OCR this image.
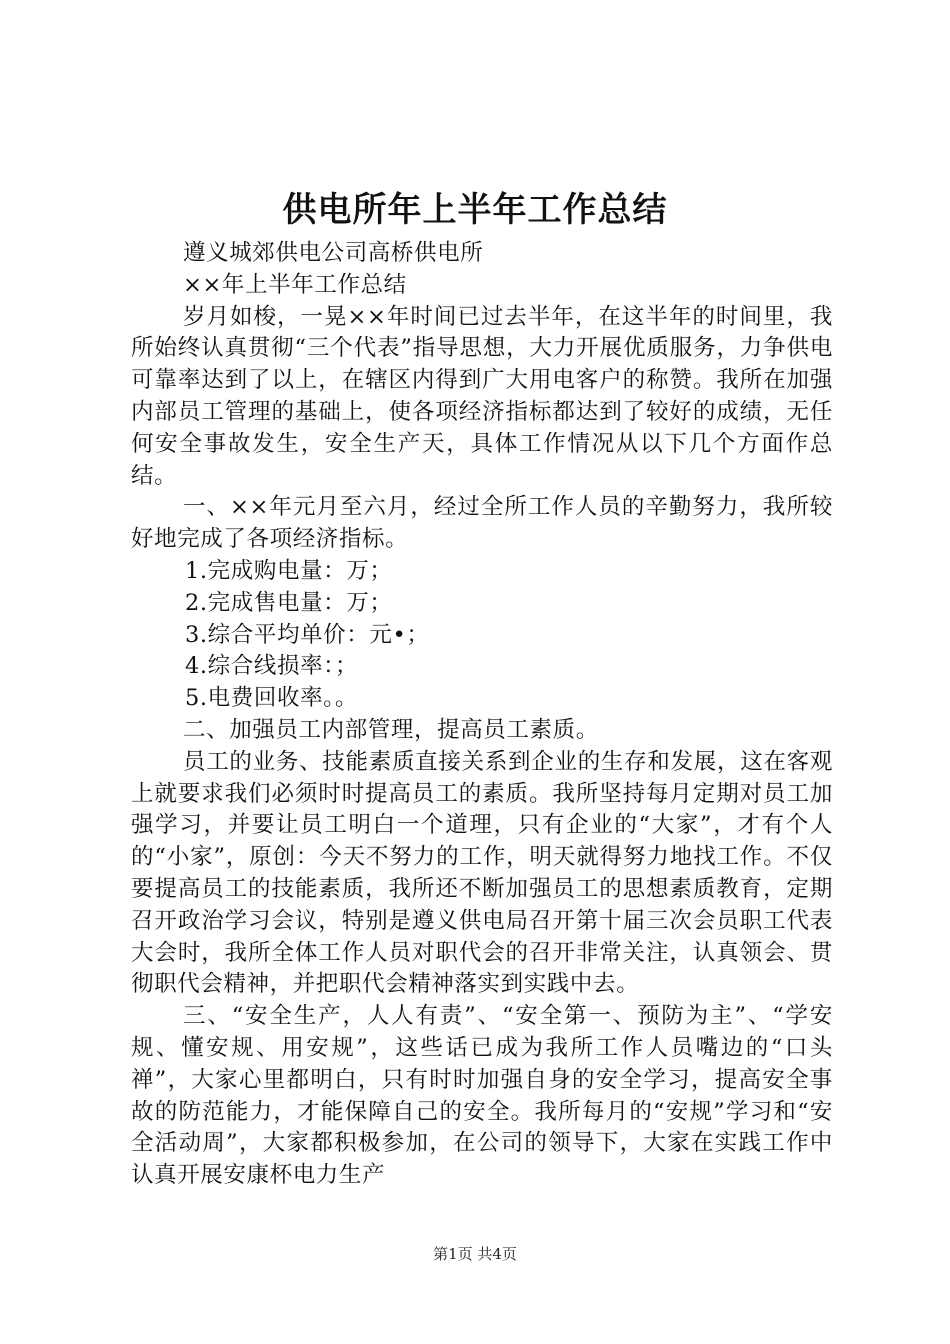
供电所年上半年工作总结

遵义城郊供电公司高桥供电所

××年上半年工作总结

岁月如梭，一晃××年时间已过去半年，在这半年的时间里，我所始终认真贯彻“三个代表”指导思想，大力开展优质服务，力争供电可靠率达到了以上，在辖区内得到广大用电客户的称赞。我所在加强内部员工管理的基础上，使各项经济指标都达到了较好的成绩，无任何安全事故发生，安全生产天，具体工作情况从以下几个方面作总结。

一、××年元月至六月，经过全所工作人员的辛勤努力，我所较好地完成了各项经济指标。

1.完成购电量：万；

2.完成售电量：万；

3.综合平均单价：元•；

4.综合线损率：；

5.电费回收率。。

二、加强员工内部管理，提高员工素质。

员工的业务、技能素质直接关系到企业的生存和发展，这在客观上就要求我们必须时时提高员工的素质。我所坚持每月定期对员工加强学习，并要让员工明白一个道理，只有企业的“大家”，才有个人的“小家”，原创：今天不努力的工作，明天就得努力地找工作。不仅要提高员工的技能素质，我所还不断加强员工的思想素质教育，定期召开政治学习会议，特别是遵义供电局召开第十届三次会员职工代表大会时，我所全体工作人员对职代会的召开非常关注，认真领会、贯彻职代会精神，并把职代会精神落实到实践中去。

三、“安全生产，人人有责”、“安全第一、预防为主”、“学安规、懂安规、用安规”，这些话已成为我所工作人员嘴边的“口头禅”，大家心里都明白，只有时时加强自身的安全学习，提高安全事故的防范能力，才能保障自己的安全。我所每月的“安规”学习和“安全活动周”，大家都积极参加，在公司的领导下，大家在实践工作中认真开展安康杯电力生产

第1页 共4页
